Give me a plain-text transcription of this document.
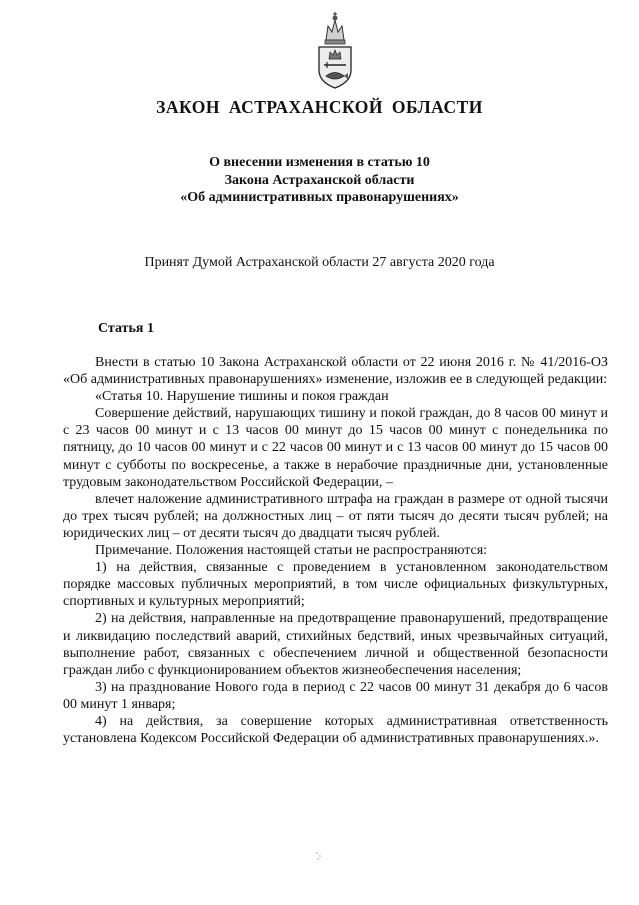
ЗАКОН АСТРАХАНСКОЙ ОБЛАСТИ
О внесении изменения в статью 10
Закона Астраханской области
«Об административных правонарушениях»
Принят Думой Астраханской области 27 августа 2020 года
Статья 1

Внести в статью 10 Закона Астраханской области от 22 июня 2016 г. № 41/2016-ОЗ «Об административных правонарушениях» изменение, изложив ее в следующей редакции:

«Статья 10. Нарушение тишины и покоя граждан

Совершение действий, нарушающих тишину и покой граждан, до 8 часов 00 минут и с 23 часов 00 минут и с 13 часов 00 минут до 15 часов 00 минут с понедельника по пятницу, до 10 часов 00 минут и с 22 часов 00 минут и с 13 часов 00 минут до 15 часов 00 минут с субботы по воскресенье, а также в нерабочие праздничные дни, установленные трудовым законодательством Российской Федерации, –

влечет наложение административного штрафа на граждан в размере от одной тысячи до трех тысяч рублей; на должностных лиц – от пяти тысяч до десяти тысяч рублей; на юридических лиц – от десяти тысяч до двадцати тысяч рублей.

Примечание. Положения настоящей статьи не распространяются:

1) на действия, связанные с проведением в установленном законодательством порядке массовых публичных мероприятий, в том числе официальных физкультурных, спортивных и культурных мероприятий;

2) на действия, направленные на предотвращение правонарушений, предотвращение и ликвидацию последствий аварий, стихийных бедствий, иных чрезвычайных ситуаций, выполнение работ, связанных с обеспечением личной и общественной безопасности граждан либо с функционированием объектов жизнеобеспечения населения;

3) на празднование Нового года в период с 22 часов 00 минут 31 декабря до 6 часов 00 минут 1 января;

4) на действия, за совершение которых административная ответственность установлена Кодексом Российской Федерации об административных правонарушениях.».
